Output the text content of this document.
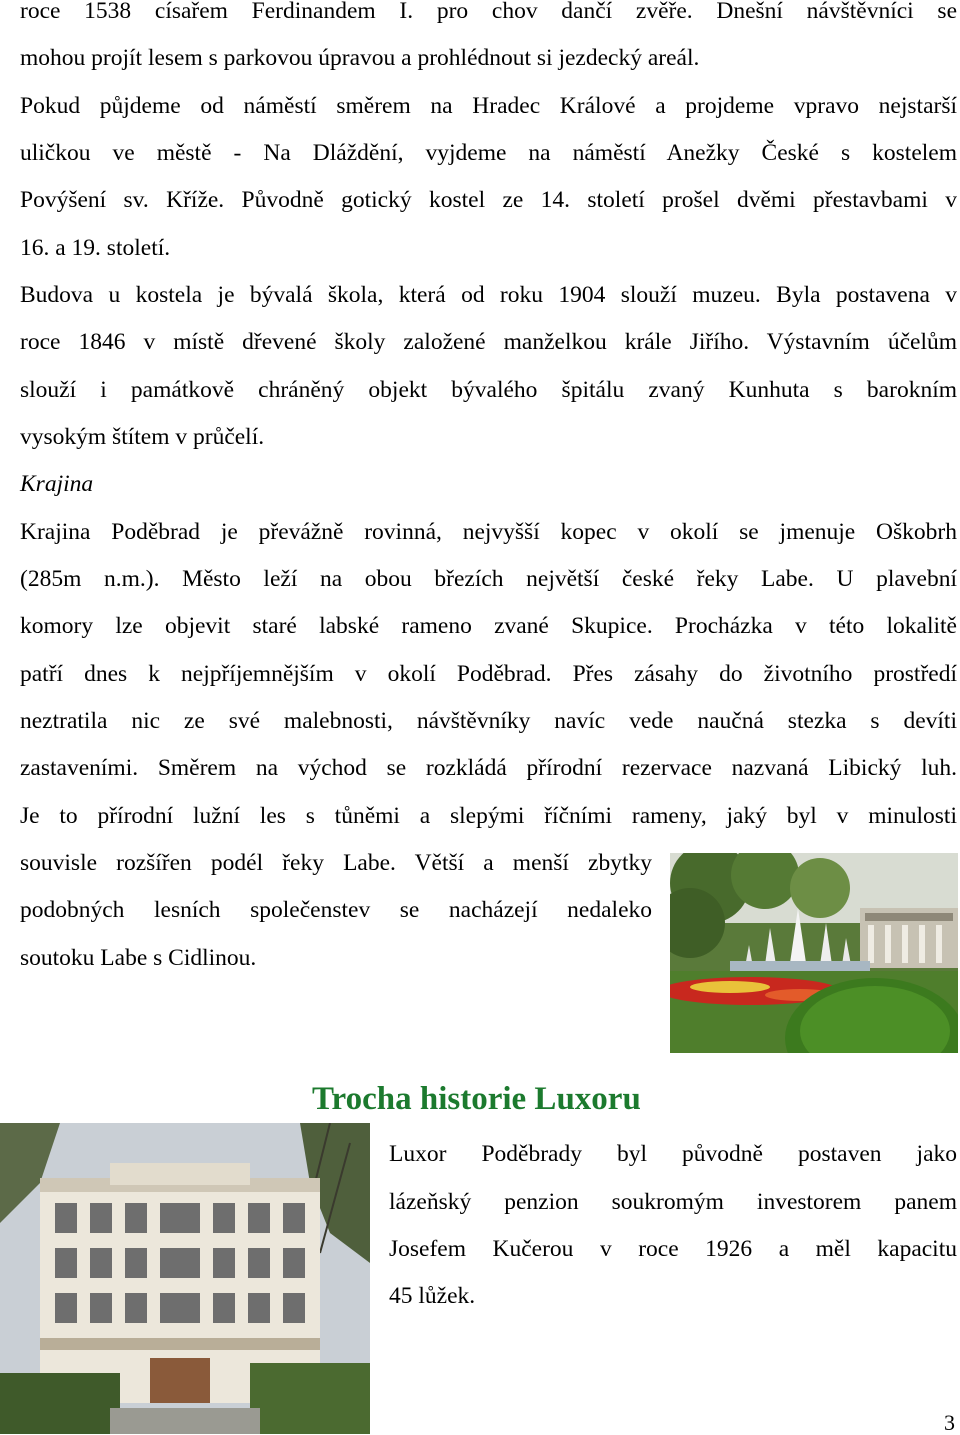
roce 1538 císařem Ferdinandem I. pro chov dančí zvěře. Dnešní návštěvníci se
mohou projít lesem s parkovou úpravou a prohlédnout si jezdecký areál.
Pokud půjdeme od náměstí směrem na Hradec Králové a projdeme vpravo nejstarší
uličkou ve městě - Na Dláždění, vyjdeme na náměstí Anežky České s kostelem
Povýšení sv. Kříže. Původně gotický kostel ze 14. století prošel dvěmi přestavbami v
16. a 19. století.
Budova u kostela je bývalá škola, která od roku 1904 slouží muzeu. Byla postavena v
roce 1846 v místě dřevené školy založené manželkou krále Jiřího. Výstavním účelům
slouží i památkově chráněný objekt bývalého špitálu zvaný Kunhuta s barokním
vysokým štítem v průčelí.
Krajina
Krajina Poděbrad je převážně rovinná, nejvyšší kopec v okolí se jmenuje Oškobrh
(285m n.m.). Město leží na obou březích největší české řeky Labe. U plavební
komory lze objevit staré labské rameno zvané Skupice. Procházka v této lokalitě
patří dnes k nejpříjemnějším v okolí Poděbrad. Přes zásahy do životního prostředí
neztratila nic ze své malebnosti, návštěvníky navíc vede naučná stezka s devíti
zastaveními. Směrem na východ se rozkládá přírodní rezervace nazvaná Libický luh.
Je to přírodní lužní les s tůněmi a slepými říčními rameny, jaký byl v minulosti
souvisle rozšířen podél řeky Labe. Větší a menší zbytky
podobných lesních společenstev se nacházejí nedaleko
soutoku Labe s Cidlinou.
Trocha historie Luxoru
Luxor Poděbrady byl původně postaven jako
lázeňský penzion soukromým investorem panem
Josefem Kučerou v roce 1926 a měl kapacitu
45 lůžek.
3
